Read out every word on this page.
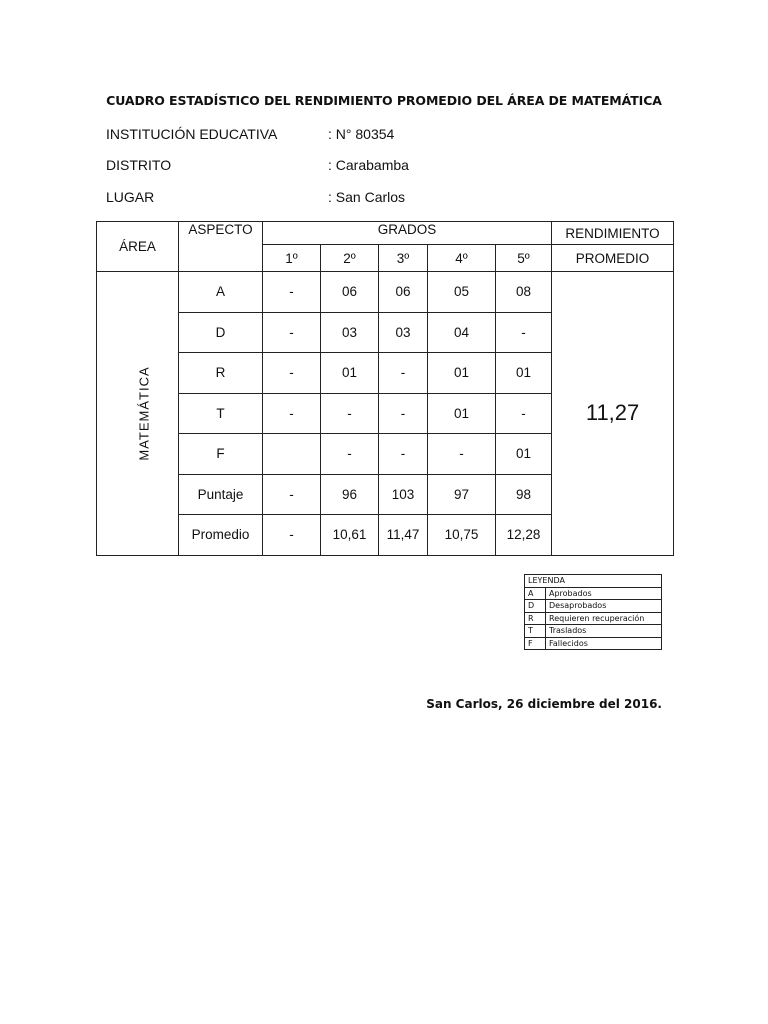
CUADRO ESTADÍSTICO DEL RENDIMIENTO PROMEDIO DEL ÁREA DE MATEMÁTICA
INSTITUCIÓN EDUCATIVA	: N° 80354
DISTRITO	: Carabamba
LUGAR	: San Carlos
ÁREA	ASPECTO	GRADOS					RENDIMIENTO
		1º	2º	3º	4º	5º	PROMEDIO
MATEMÁTICA	A	-	06	06	05	08	11,27
	D	-	03	03	04	-	
	R	-	01	-	01	01	
	T	-	-	-	01	-	
	F		-	-	-	01	
	Puntaje	-	96	103	97	98	
	Promedio	-	10,61	11,47	10,75	12,28	
LEYENDA	
A	Aprobados
D	Desaprobados
R	Requieren recuperación
T	Traslados
F	Fallecidos
San Carlos, 26 diciembre del 2016.
